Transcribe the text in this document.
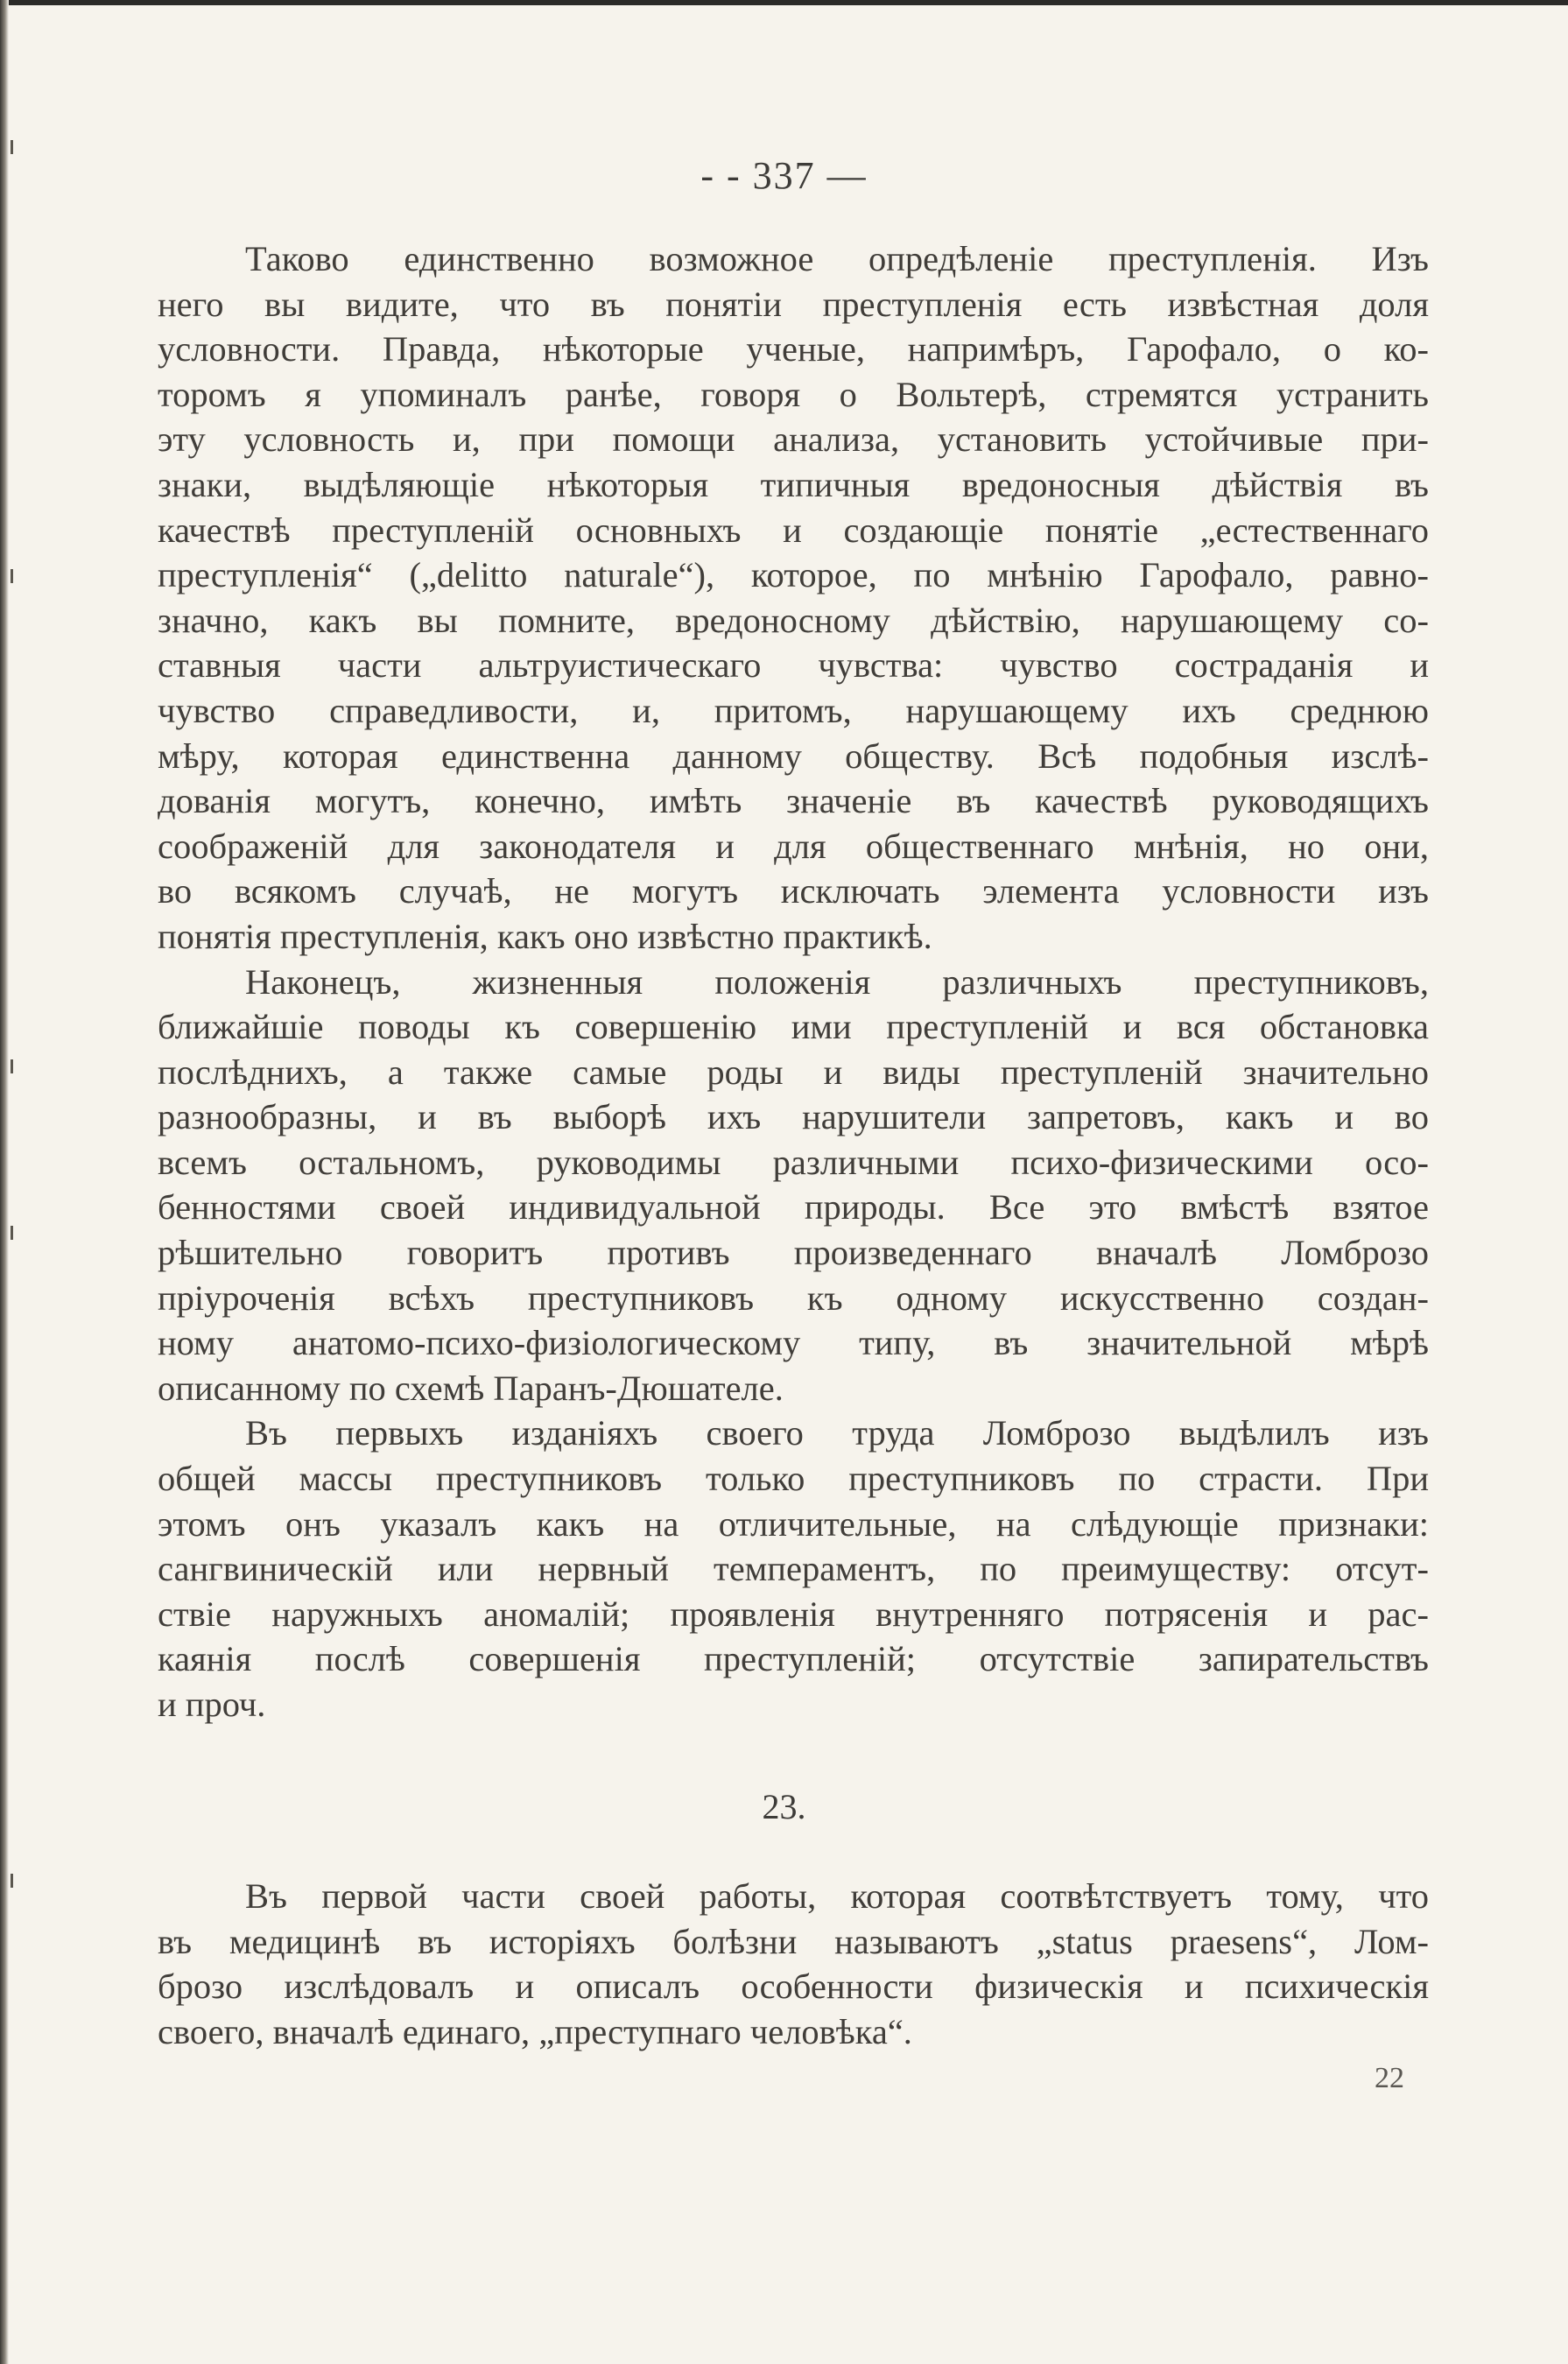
- - 337 —

Таково единственно возможное опредѣленіе преступленія. Изъ
него вы видите, что въ понятіи преступленія есть извѣстная доля
условности. Правда, нѣкоторые ученые, напримѣръ, Гарофало, о ко-
торомъ я упоминалъ ранѣе, говоря о Вольтерѣ, стремятся устранить
эту условность и, при помощи анализа, установить устойчивые при-
знаки, выдѣляющіе нѣкоторыя типичныя вредоносныя дѣйствія въ
качествѣ преступленій основныхъ и создающіе понятіе „естественнаго
преступленія“ („delitto naturale“), которое, по мнѣнію Гарофало, равно-
значно, какъ вы помните, вредоносному дѣйствію, нарушающему со-
ставныя части альтруистическаго чувства: чувство состраданія и
чувство справедливости, и, притомъ, нарушающему ихъ среднюю
мѣру, которая единственна данному обществу. Всѣ подобныя изслѣ-
дованія могутъ, конечно, имѣть значеніе въ качествѣ руководящихъ
соображеній для законодателя и для общественнаго мнѣнія, но они,
во всякомъ случаѣ, не могутъ исключать элемента условности изъ
понятія преступленія, какъ оно извѣстно практикѣ.

Наконецъ, жизненныя положенія различныхъ преступниковъ,
ближайшіе поводы къ совершенію ими преступленій и вся обстановка
послѣднихъ, а также самые роды и виды преступленій значительно
разнообразны, и въ выборѣ ихъ нарушители запретовъ, какъ и во
всемъ остальномъ, руководимы различными психо-физическими осо-
бенностями своей индивидуальной природы. Все это вмѣстѣ взятое
рѣшительно говоритъ противъ произведеннаго вначалѣ Ломброзо
пріуроченія всѣхъ преступниковъ къ одному искусственно создан-
ному анатомо-психо-физіологическому типу, въ значительной мѣрѣ
описанному по схемѣ Паранъ-Дюшателе.

Въ первыхъ изданіяхъ своего труда Ломброзо выдѣлилъ изъ
общей массы преступниковъ только преступниковъ по страсти. При
этомъ онъ указалъ какъ на отличительные, на слѣдующіе признаки:
сангвиническій или нервный темпераментъ, по преимуществу: отсут-
ствіе наружныхъ аномалій; проявленія внутренняго потрясенія и рас-
каянія послѣ совершенія преступленій; отсутствіе запирательствъ
и проч.

23.

Въ первой части своей работы, которая соотвѣтствуетъ тому, что
въ медицинѣ въ исторіяхъ болѣзни называютъ „status praesens“, Лом-
брозо изслѣдовалъ и описалъ особенности физическія и психическія
своего, вначалѣ единаго, „преступнаго человѣка“.

22
